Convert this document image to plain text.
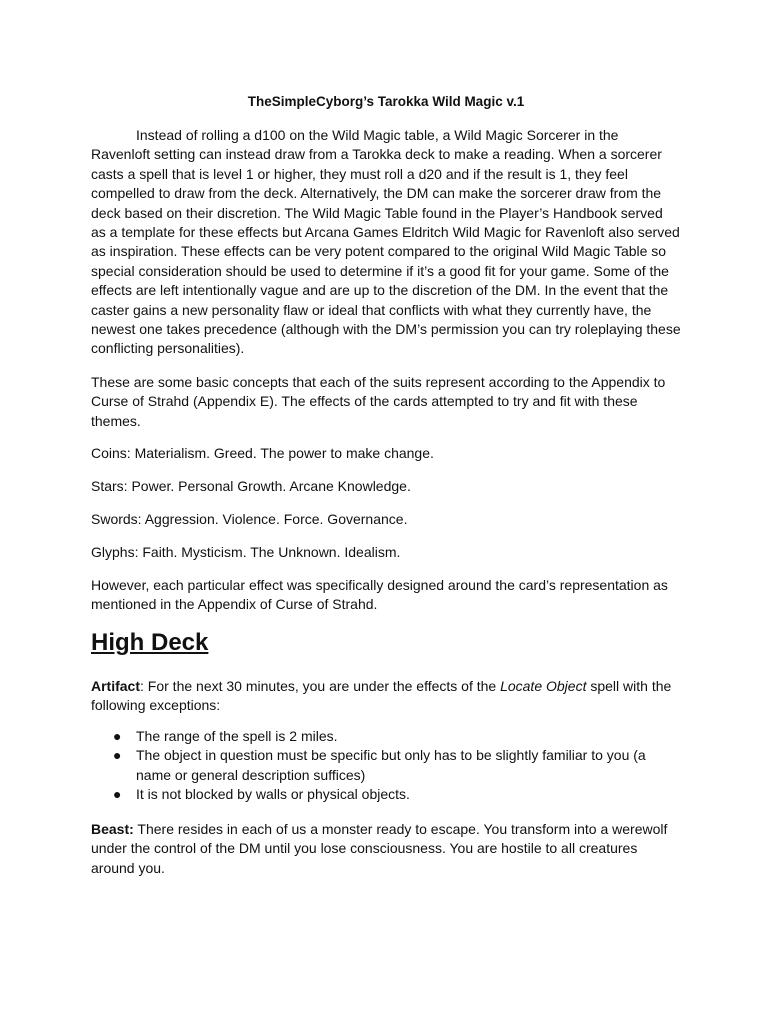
TheSimpleCyborg’s Tarokka Wild Magic v.1

Instead of rolling a d100 on the Wild Magic table, a Wild Magic Sorcerer in the Ravenloft setting can instead draw from a Tarokka deck to make a reading. When a sorcerer casts a spell that is level 1 or higher, they must roll a d20 and if the result is 1, they feel compelled to draw from the deck. Alternatively, the DM can make the sorcerer draw from the deck based on their discretion. The Wild Magic Table found in the Player’s Handbook served as a template for these effects but Arcana Games Eldritch Wild Magic for Ravenloft also served as inspiration. These effects can be very potent compared to the original Wild Magic Table so special consideration should be used to determine if it’s a good fit for your game. Some of the effects are left intentionally vague and are up to the discretion of the DM. In the event that the caster gains a new personality flaw or ideal that conflicts with what they currently have, the newest one takes precedence (although with the DM’s permission you can try roleplaying these conflicting personalities).

These are some basic concepts that each of the suits represent according to the Appendix to Curse of Strahd (Appendix E). The effects of the cards attempted to try and fit with these themes.

Coins: Materialism. Greed. The power to make change.

Stars: Power. Personal Growth. Arcane Knowledge.

Swords: Aggression. Violence. Force. Governance.

Glyphs: Faith. Mysticism. The Unknown. Idealism.

However, each particular effect was specifically designed around the card’s representation as mentioned in the Appendix of Curse of Strahd.

High Deck

Artifact: For the next 30 minutes, you are under the effects of the Locate Object spell with the following exceptions:

● The range of the spell is 2 miles.
● The object in question must be specific but only has to be slightly familiar to you (a name or general description suffices)
● It is not blocked by walls or physical objects.

Beast: There resides in each of us a monster ready to escape. You transform into a werewolf under the control of the DM until you lose consciousness. You are hostile to all creatures around you.
